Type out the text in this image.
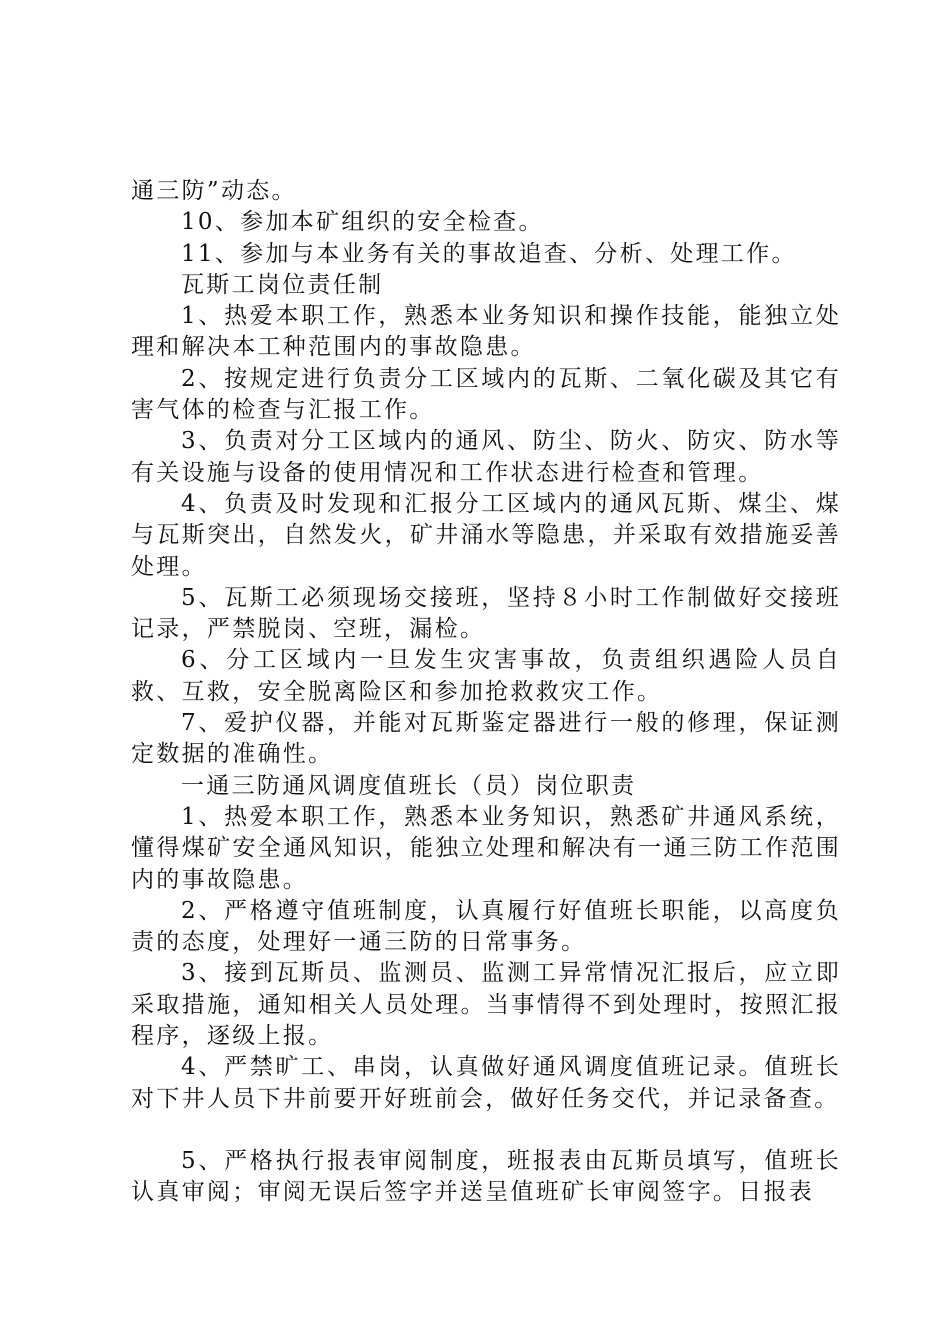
通三防”动态。

10、参加本矿组织的安全检查。

11、参加与本业务有关的事故追查、分析、处理工作。

瓦斯工岗位责任制

1、热爱本职工作，熟悉本业务知识和操作技能，能独立处理和解决本工种范围内的事故隐患。

2、按规定进行负责分工区域内的瓦斯、二氧化碳及其它有害气体的检查与汇报工作。

3、负责对分工区域内的通风、防尘、防火、防灾、防水等有关设施与设备的使用情况和工作状态进行检查和管理。

4、负责及时发现和汇报分工区域内的通风瓦斯、煤尘、煤与瓦斯突出，自然发火，矿井涌水等隐患，并采取有效措施妥善处理。

5、瓦斯工必须现场交接班，坚持８小时工作制做好交接班记录，严禁脱岗、空班，漏检。

6、分工区域内一旦发生灾害事故，负责组织遇险人员自救、互救，安全脱离险区和参加抢救救灾工作。

7、爱护仪器，并能对瓦斯鉴定器进行一般的修理，保证测定数据的准确性。

一通三防通风调度值班长（员）岗位职责

1、热爱本职工作，熟悉本业务知识，熟悉矿井通风系统，懂得煤矿安全通风知识，能独立处理和解决有一通三防工作范围内的事故隐患。

2、严格遵守值班制度，认真履行好值班长职能，以高度负责的态度，处理好一通三防的日常事务。

3、接到瓦斯员、监测员、监测工异常情况汇报后，应立即采取措施，通知相关人员处理。当事情得不到处理时，按照汇报程序，逐级上报。

4、严禁旷工、串岗，认真做好通风调度值班记录。值班长对下井人员下井前要开好班前会，做好任务交代，并记录备查。

5、严格执行报表审阅制度，班报表由瓦斯员填写，值班长认真审阅；审阅无误后签字并送呈值班矿长审阅签字。日报表
